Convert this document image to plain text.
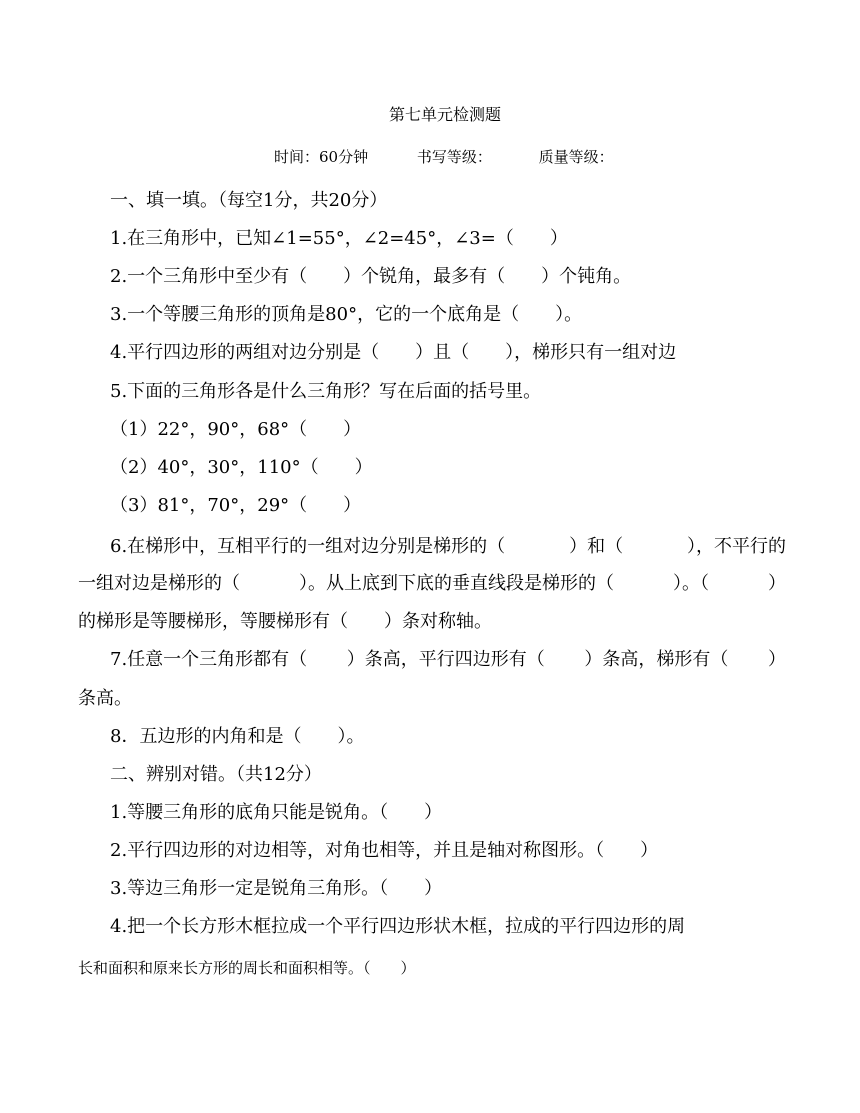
第七单元检测题
时间：60分钟	书写等级：	质量等级：
一、填一填。（每空1分，共20分）
1.在三角形中，已知∠1=55°，∠2=45°，∠3=（　　）
2.一个三角形中至少有（　　）个锐角，最多有（　　）个钝角。
3.一个等腰三角形的顶角是80°，它的一个底角是（　　）。
4.平行四边形的两组对边分别是（　　）且（　　），梯形只有一组对边
5.下面的三角形各是什么三角形？写在后面的括号里。
（1）22°，90°，68°（　　）
（2）40°，30°，110°（　　）
（3）81°，70°，29°（　　）
6.在梯形中，互相平行的一组对边分别是梯形的（	）和（	），不平行的
一组对边是梯形的（	）。从上底到下底的垂直线段是梯形的（	）。（	）
的梯形是等腰梯形，等腰梯形有（　　）条对称轴。
7.任意一个三角形都有（ ）条高，平行四边形有（ ）条高，梯形有（ ）
条高。
8．五边形的内角和是（　　）。
二、辨别对错。（共12分）
1.等腰三角形的底角只能是锐角。（　　）
2.平行四边形的对边相等，对角也相等，并且是轴对称图形。（　　）
3.等边三角形一定是锐角三角形。（　　）
4.把一个长方形木框拉成一个平行四边形状木框，拉成的平行四边形的周
长和面积和原来长方形的周长和面积相等。（　　）
